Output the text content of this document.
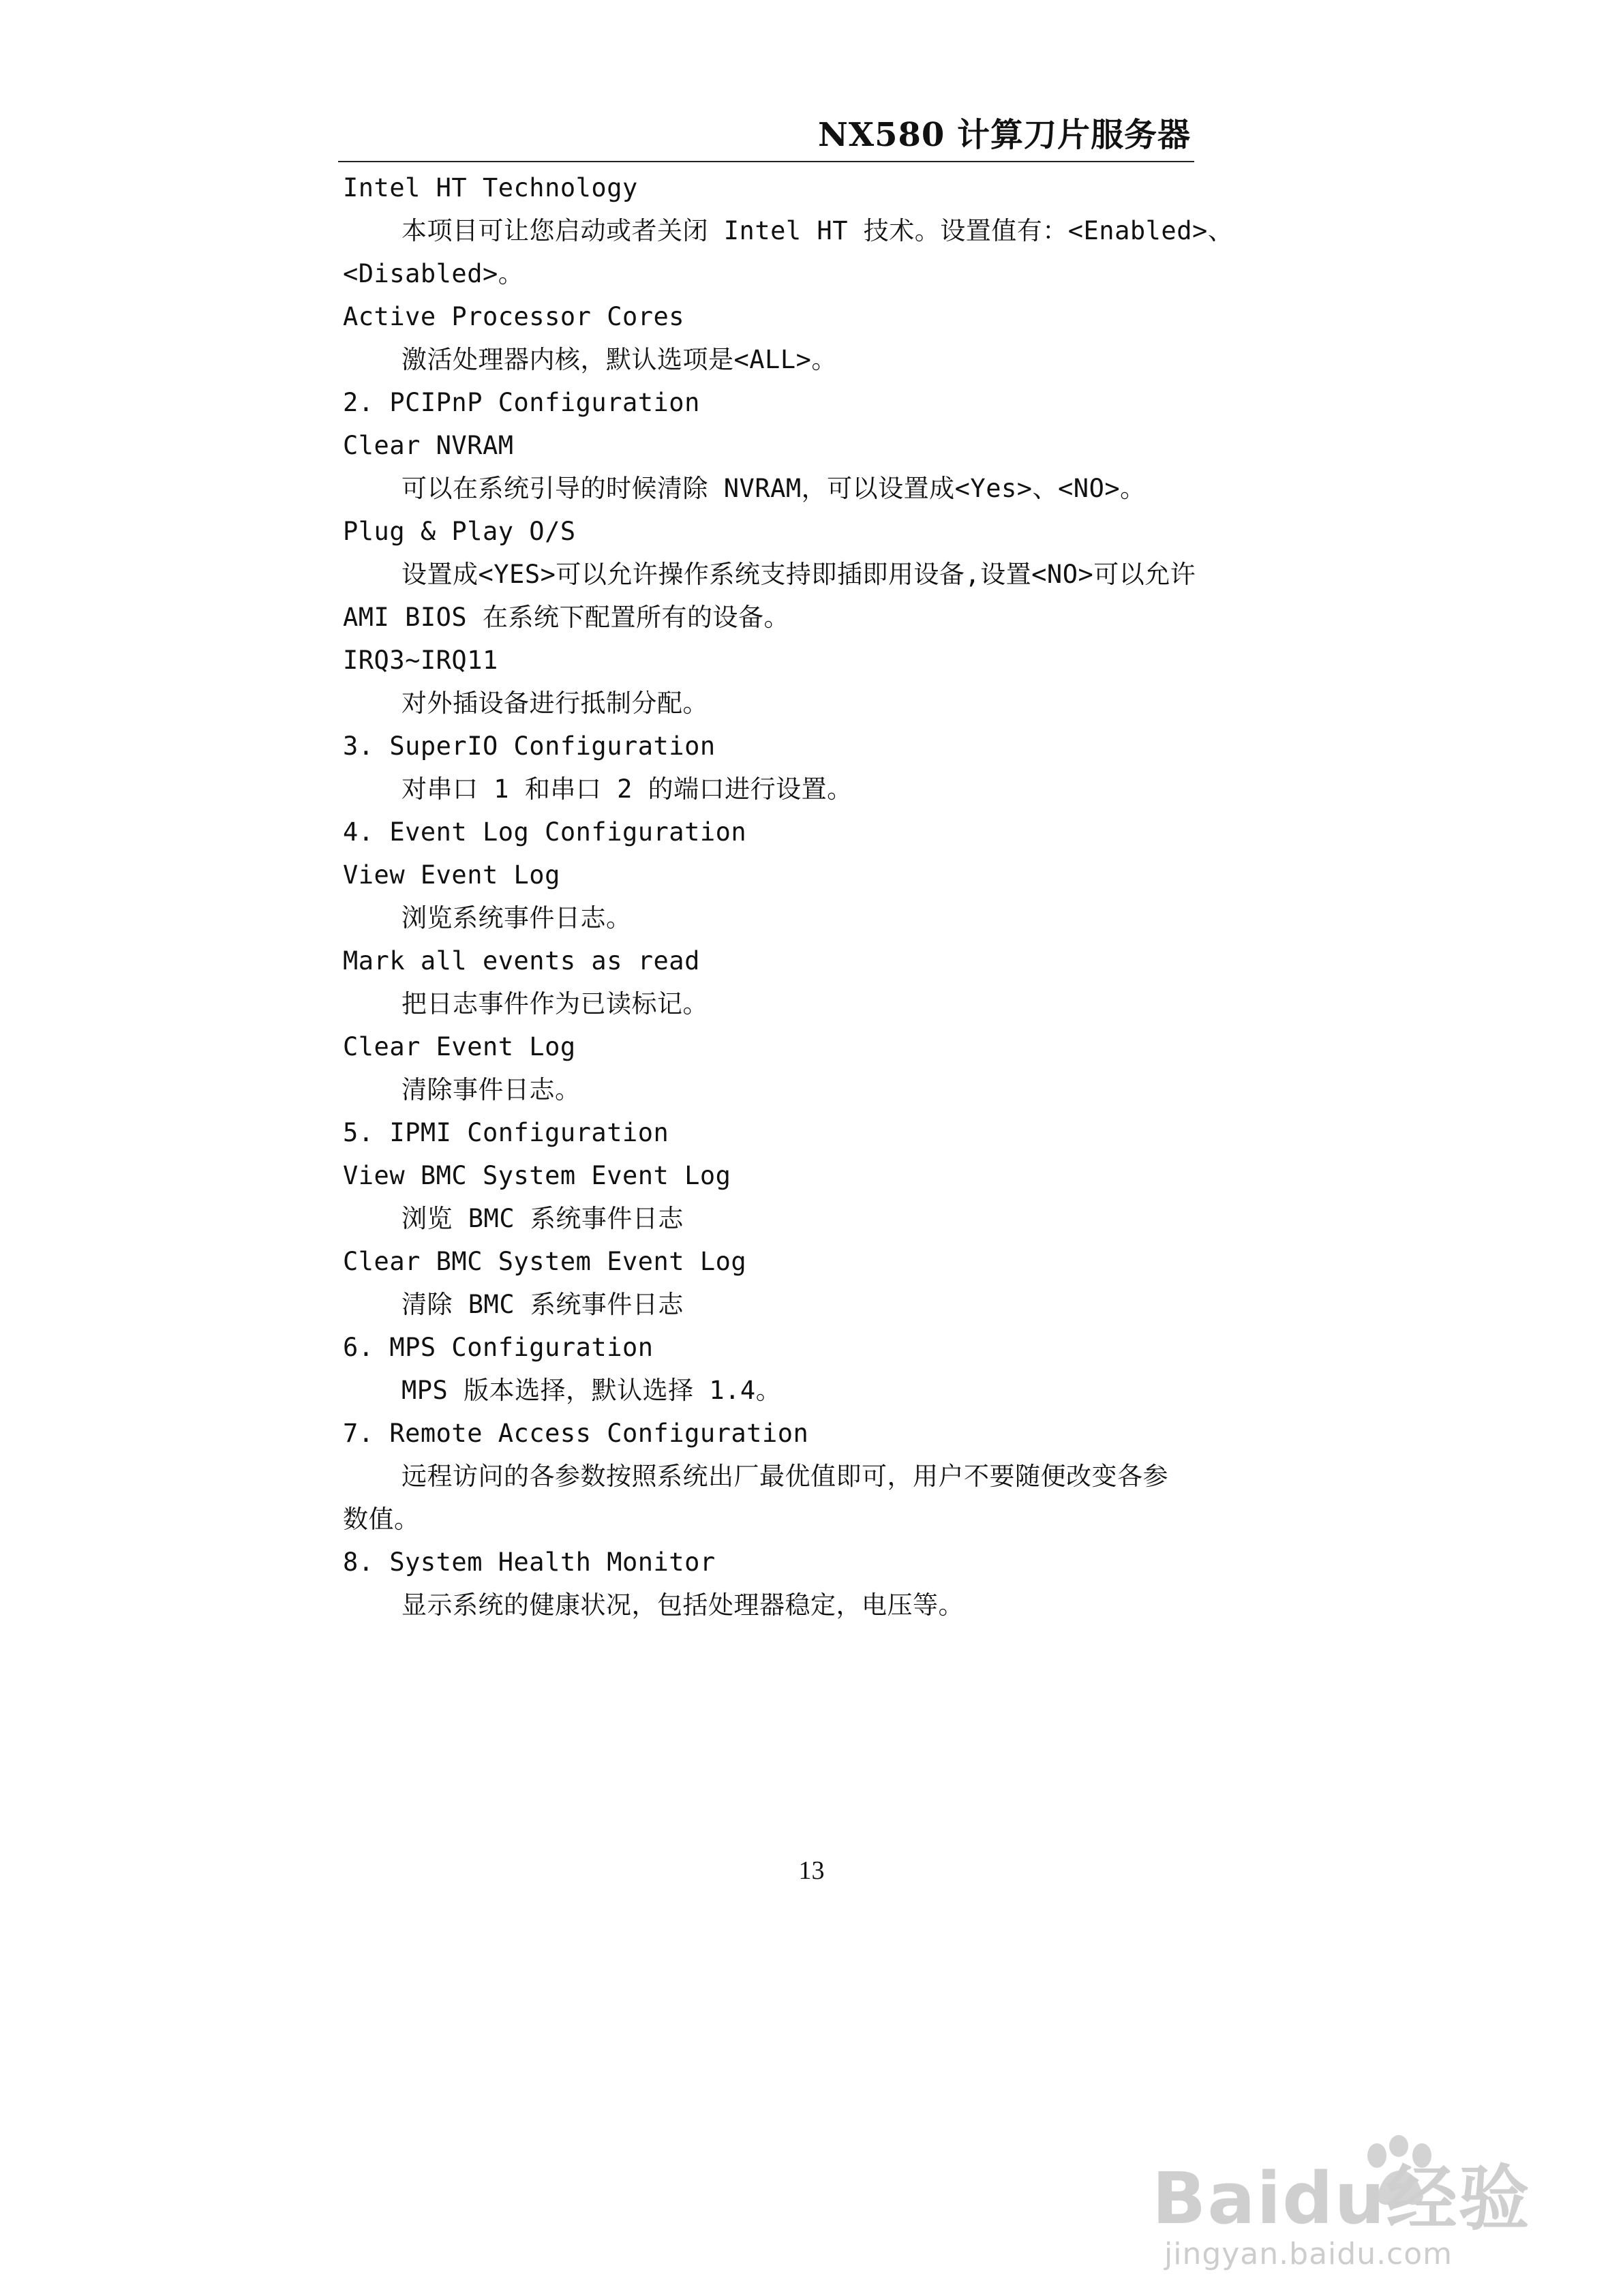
NX580 计算刀片服务器
Intel HT Technology
本项目可让您启动或者关闭 Intel HT 技术。设置值有：<Enabled>、
<Disabled>。
Active Processor Cores
激活处理器内核，默认选项是<ALL>。
2. PCIPnP Configuration
Clear NVRAM
可以在系统引导的时候清除 NVRAM，可以设置成<Yes>、<NO>。
Plug & Play O/S
设置成<YES>可以允许操作系统支持即插即用设备,设置<NO>可以允许
AMI BIOS 在系统下配置所有的设备。
IRQ3~IRQ11
对外插设备进行抵制分配。
3. SuperIO Configuration
对串口 1 和串口 2 的端口进行设置。
4. Event Log Configuration
View Event Log
浏览系统事件日志。
Mark all events as read
把日志事件作为已读标记。
Clear Event Log
清除事件日志。
5. IPMI Configuration
View BMC System Event Log
浏览 BMC 系统事件日志
Clear BMC System Event Log
清除 BMC 系统事件日志
6. MPS Configuration
MPS 版本选择，默认选择 1.4。
7. Remote Access Configuration
远程访问的各参数按照系统出厂最优值即可，用户不要随便改变各参
数值。
8. System Health Monitor
显示系统的健康状况，包括处理器稳定，电压等。
13
Baidu经验
jingyan.baidu.com
